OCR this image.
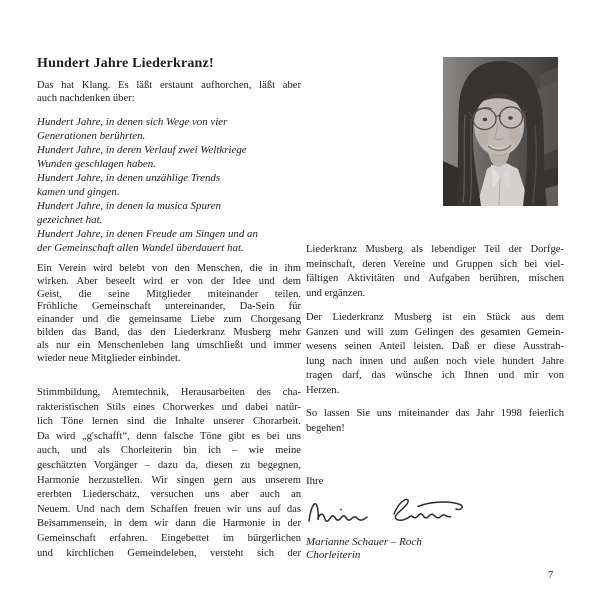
Hundert Jahre Liederkranz!
Das hat Klang. Es läßt erstaunt aufhorchen, läßt aber
auch nachdenken über:
Hundert Jahre, in denen sich Wege von vier
Generationen berührten.
Hundert Jahre, in deren Verlauf zwei Weltkriege
Wunden geschlagen haben.
Hundert Jahre, in denen unzählige Trends
kamen und gingen.
Hundert Jahre, in denen la musica Spuren
gezeichnet hat.
Hundert Jahre, in denen Freude am Singen und an
der Gemeinschaft allen Wandel überdauert hat.
Ein Verein wird belebt von den Menschen, die in ihm
wirken. Aber beseelt wird er von der Idee und dem
Geist, die seine Mitglieder miteinander teilen.
Fröhliche Gemeinschaft untereinander, Da-Sein für
einander und die gemeinsame Liebe zum Chorgesang
bilden das Band, das den Liederkranz Musberg mehr
als nur ein Menschenleben lang umschließt und immer
wieder neue Mitglieder einbindet.
Stimmbildung, Atemtechnik, Herausarbeiten des cha-
rakteristischen Stils eines Chorwerkes und dabei natür-
lich Töne lernen sind die Inhalte unserer Chorarbeit.
Da wird „g'schafft“, denn falsche Töne gibt es bei uns
auch, und als Chorleiterin bin ich – wie meine
geschätzten Vorgänger – dazu da, diesen zu begegnen,
Harmonie herzustellen. Wir singen gern aus unserem
ererbten Liederschatz, versuchen uns aber auch an
Neuem. Und nach dem Schaffen freuen wir uns auf das
Beisammensein, in dem wir dann die Harmonie in der
Gemeinschaft erfahren. Eingebettet im bürgerlichen
und kirchlichen Gemeindeleben, versteht sich der
Liederkranz Musberg als lebendiger Teil der Dorfge-
meinschaft, deren Vereine und Gruppen sich bei viel-
fältigen Aktivitäten und Aufgaben berühren, mischen
und ergänzen.
Der Liederkranz Musberg ist ein Stück aus dem
Ganzen und will zum Gelingen des gesamten Gemein-
wesens seinen Anteil leisten. Daß er diese Ausstrah-
lung nach innen und außen noch viele hundert Jahre
tragen darf, das wünsche ich Ihnen und mir von
Herzen.
So lassen Sie uns miteinander das Jahr 1998 feierlich
begehen!
Ihre
Marianne Schauer – Roch
Chorleiterin
7
